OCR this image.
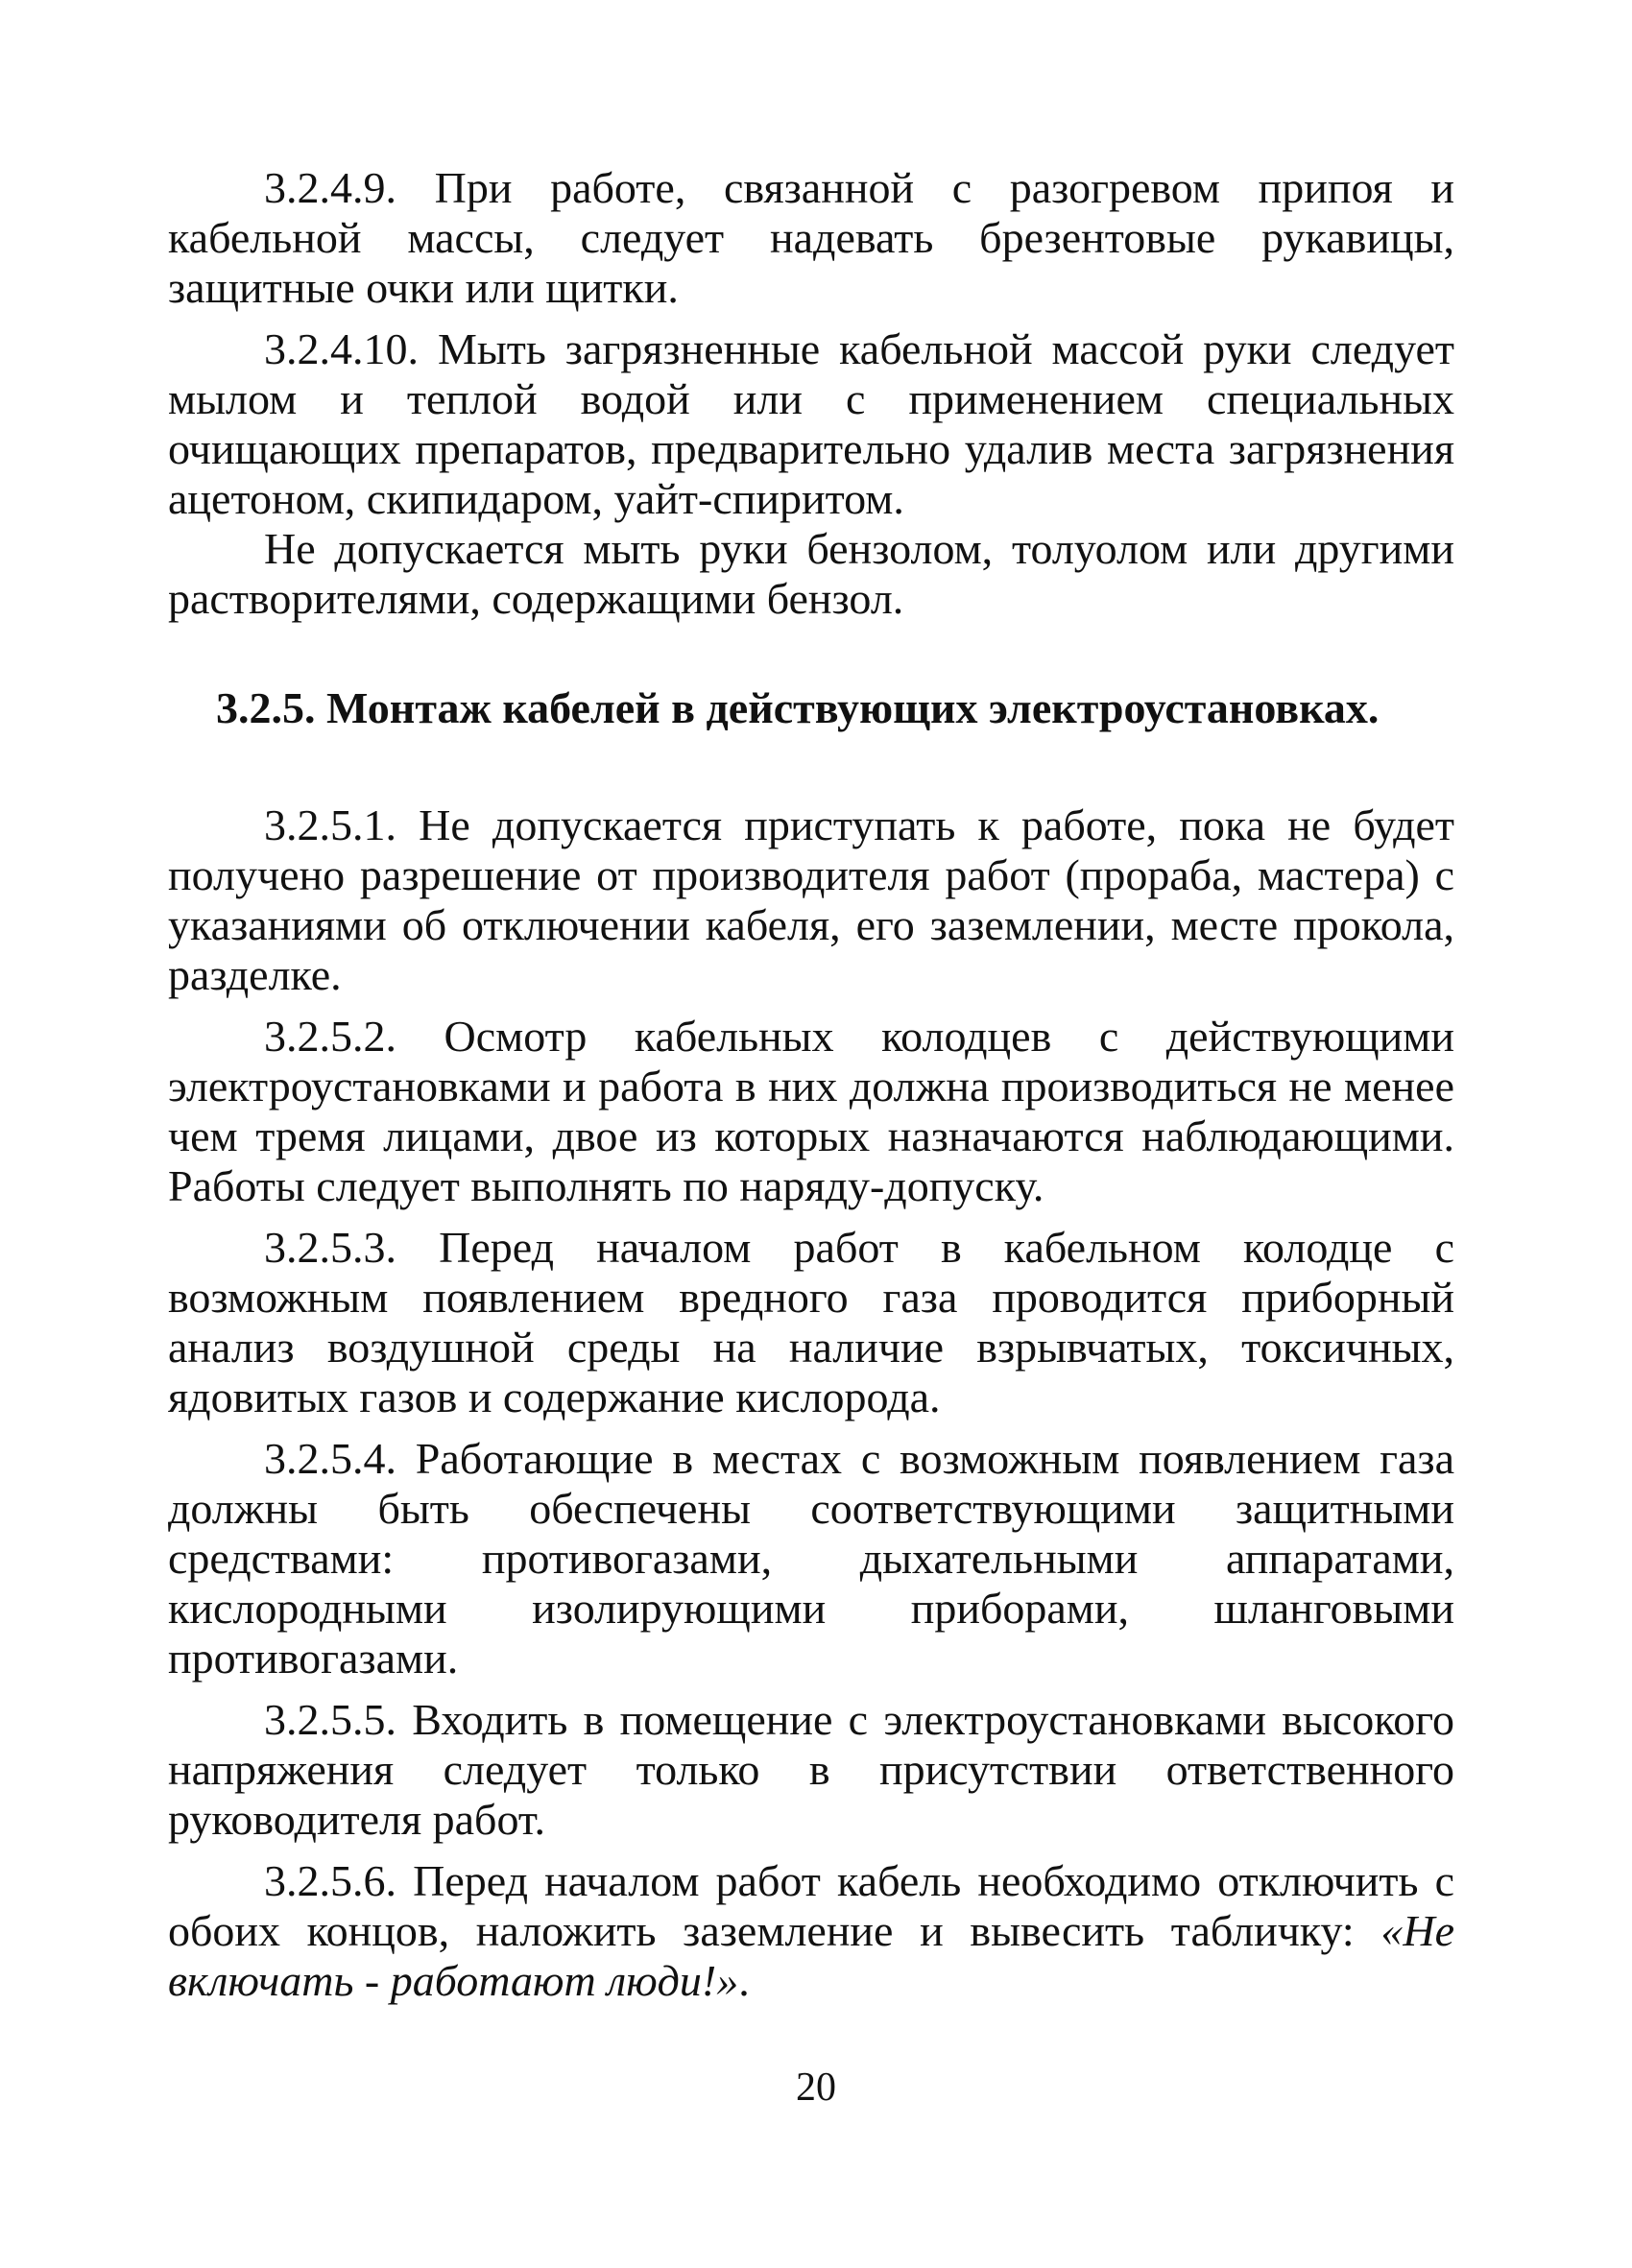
3.2.4.9. При работе, связанной с разогревом припоя и кабельной массы, следует надевать брезентовые рукавицы, защитные очки или щитки.

3.2.4.10. Мыть загрязненные кабельной массой руки следует мылом и теплой водой или с применением специальных очищающих препаратов, предварительно удалив места загрязнения ацетоном, скипидаром, уайт-спиритом.

Не допускается мыть руки бензолом, толуолом или другими растворителями, содержащими бензол.

3.2.5. Монтаж кабелей в действующих электроустановках.

3.2.5.1. Не допускается приступать к работе, пока не будет получено разрешение от производителя работ (прораба, мастера) с указаниями об отключении кабеля, его заземлении, месте прокола, разделке.

3.2.5.2. Осмотр кабельных колодцев с действующими электроустановками и работа в них должна производиться не менее чем тремя лицами, двое из которых назначаются наблюдающими. Работы следует выполнять по наряду-допуску.

3.2.5.3. Перед началом работ в кабельном колодце с возможным появлением вредного газа проводится приборный анализ воздушной среды на наличие взрывчатых, токсичных, ядовитых газов и содержание кислорода.

3.2.5.4. Работающие в местах с возможным появлением газа должны быть обеспечены соответствующими защитными средствами: противогазами, дыхательными аппаратами, кислородными изолирующими приборами, шланговыми противогазами.

3.2.5.5. Входить в помещение с электроустановками высокого напряжения следует только в присутствии ответственного руководителя работ.

3.2.5.6. Перед началом работ кабель необходимо отключить с обоих концов, наложить заземление и вывесить табличку: «Не включать - работают люди!».

20
